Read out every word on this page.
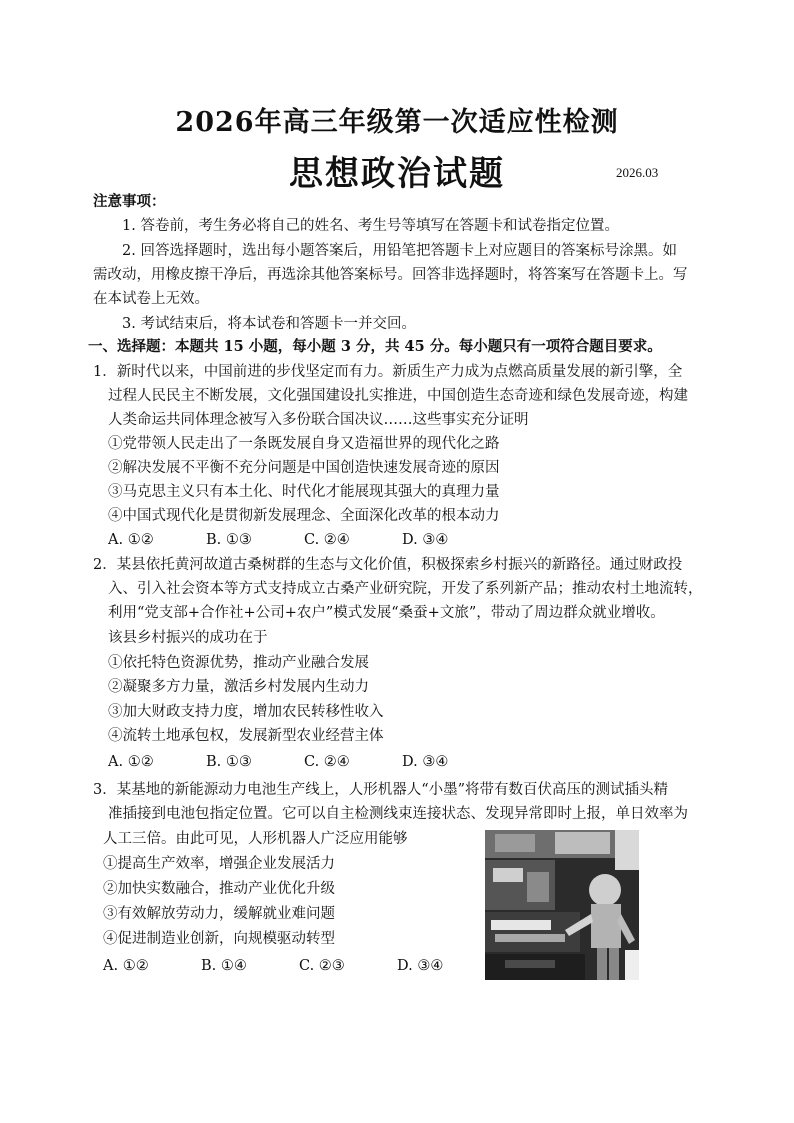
2026年高三年级第一次适应性检测
思想政治试题	2026.03
注意事项：
1. 答卷前，考生务必将自己的姓名、考生号等填写在答题卡和试卷指定位置。
2. 回答选择题时，选出每小题答案后，用铅笔把答题卡上对应题目的答案标号涂黑。如
需改动，用橡皮擦干净后，再选涂其他答案标号。回答非选择题时，将答案写在答题卡上。写
在本试卷上无效。
3. 考试结束后，将本试卷和答题卡一并交回。
一、选择题：本题共 15 小题，每小题 3 分，共 45 分。每小题只有一项符合题目要求。
1．新时代以来，中国前进的步伐坚定而有力。新质生产力成为点燃高质量发展的新引擎，全
过程人民民主不断发展，文化强国建设扎实推进，中国创造生态奇迹和绿色发展奇迹，构建
人类命运共同体理念被写入多份联合国决议……这些事实充分证明
①党带领人民走出了一条既发展自身又造福世界的现代化之路
②解决发展不平衡不充分问题是中国创造快速发展奇迹的原因
③马克思主义只有本土化、时代化才能展现其强大的真理力量
④中国式现代化是贯彻新发展理念、全面深化改革的根本动力
A. ①②	B. ①③	C. ②④	D. ③④
2．某县依托黄河故道古桑树群的生态与文化价值，积极探索乡村振兴的新路径。通过财政投
入、引入社会资本等方式支持成立古桑产业研究院，开发了系列新产品；推动农村土地流转，
利用“党支部+合作社+公司+农户”模式发展“桑蚕+文旅”，带动了周边群众就业增收。
该县乡村振兴的成功在于
①依托特色资源优势，推动产业融合发展
②凝聚多方力量，激活乡村发展内生动力
③加大财政支持力度，增加农民转移性收入
④流转土地承包权，发展新型农业经营主体
A. ①②	B. ①③	C. ②④	D. ③④
3．某基地的新能源动力电池生产线上，人形机器人“小墨”将带有数百伏高压的测试插头精
准插接到电池包指定位置。它可以自主检测线束连接状态、发现异常即时上报，单日效率为
人工三倍。由此可见，人形机器人广泛应用能够
①提高生产效率，增强企业发展活力
②加快实数融合，推动产业优化升级
③有效解放劳动力，缓解就业难问题
④促进制造业创新，向规模驱动转型
A. ①②	B. ①④	C. ②③	D. ③④
